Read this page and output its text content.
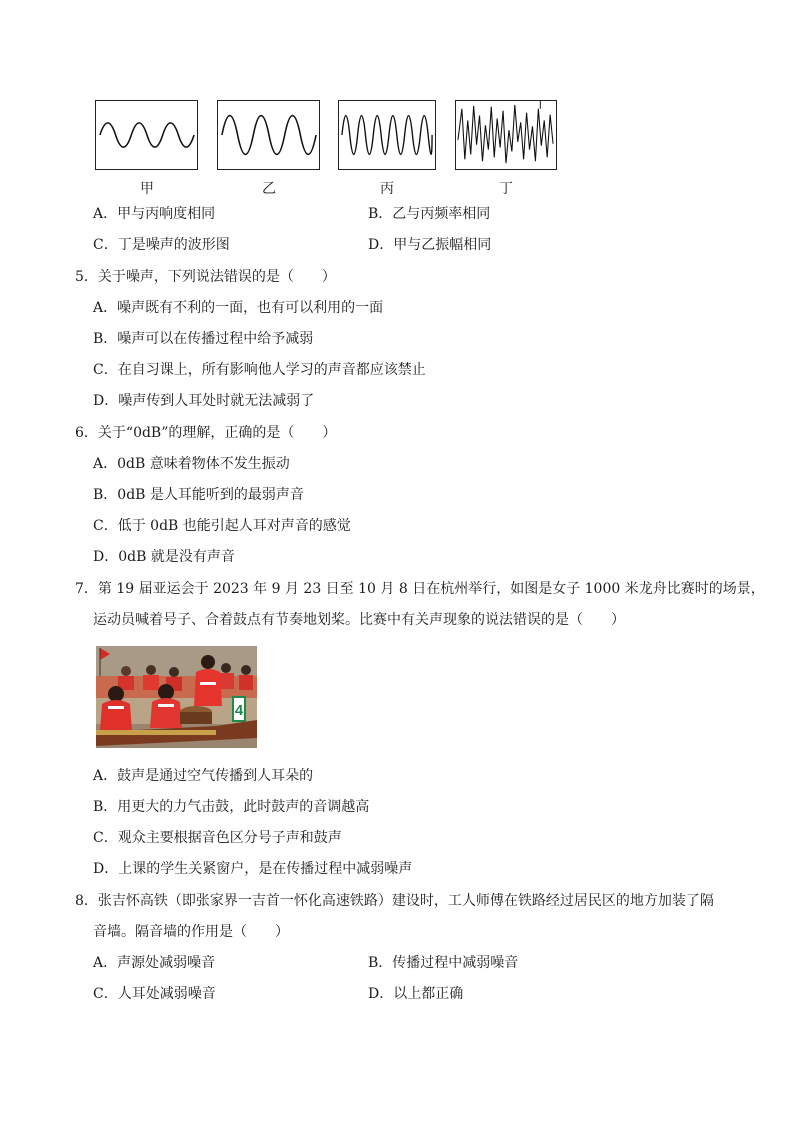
甲	乙	丙	丁
A．甲与丙响度相同	B．乙与丙频率相同
C．丁是噪声的波形图	D．甲与乙振幅相同
5．关于噪声，下列说法错误的是（　　）
A．噪声既有不利的一面，也有可以利用的一面
B．噪声可以在传播过程中给予减弱
C．在自习课上，所有影响他人学习的声音都应该禁止
D．噪声传到人耳处时就无法减弱了
6．关于“0dB”的理解，正确的是（　　）
A．0dB 意味着物体不发生振动
B．0dB 是人耳能听到的最弱声音
C．低于 0dB 也能引起人耳对声音的感觉
D．0dB 就是没有声音
7．第 19 届亚运会于 2023 年 9 月 23 日至 10 月 8 日在杭州举行，如图是女子 1000 米龙舟比赛时的场景，
运动员喊着号子、合着鼓点有节奏地划桨。比赛中有关声现象的说法错误的是（　　）
4
A．鼓声是通过空气传播到人耳朵的
B．用更大的力气击鼓，此时鼓声的音调越高
C．观众主要根据音色区分号子声和鼓声
D．上课的学生关紧窗户，是在传播过程中减弱噪声
8．张吉怀高铁（即张家界一吉首一怀化高速铁路）建设时，工人师傅在铁路经过居民区的地方加装了隔
音墙。隔音墙的作用是（　　）
A．声源处减弱噪音	B．传播过程中减弱噪音
C．人耳处减弱噪音	D．以上都正确
